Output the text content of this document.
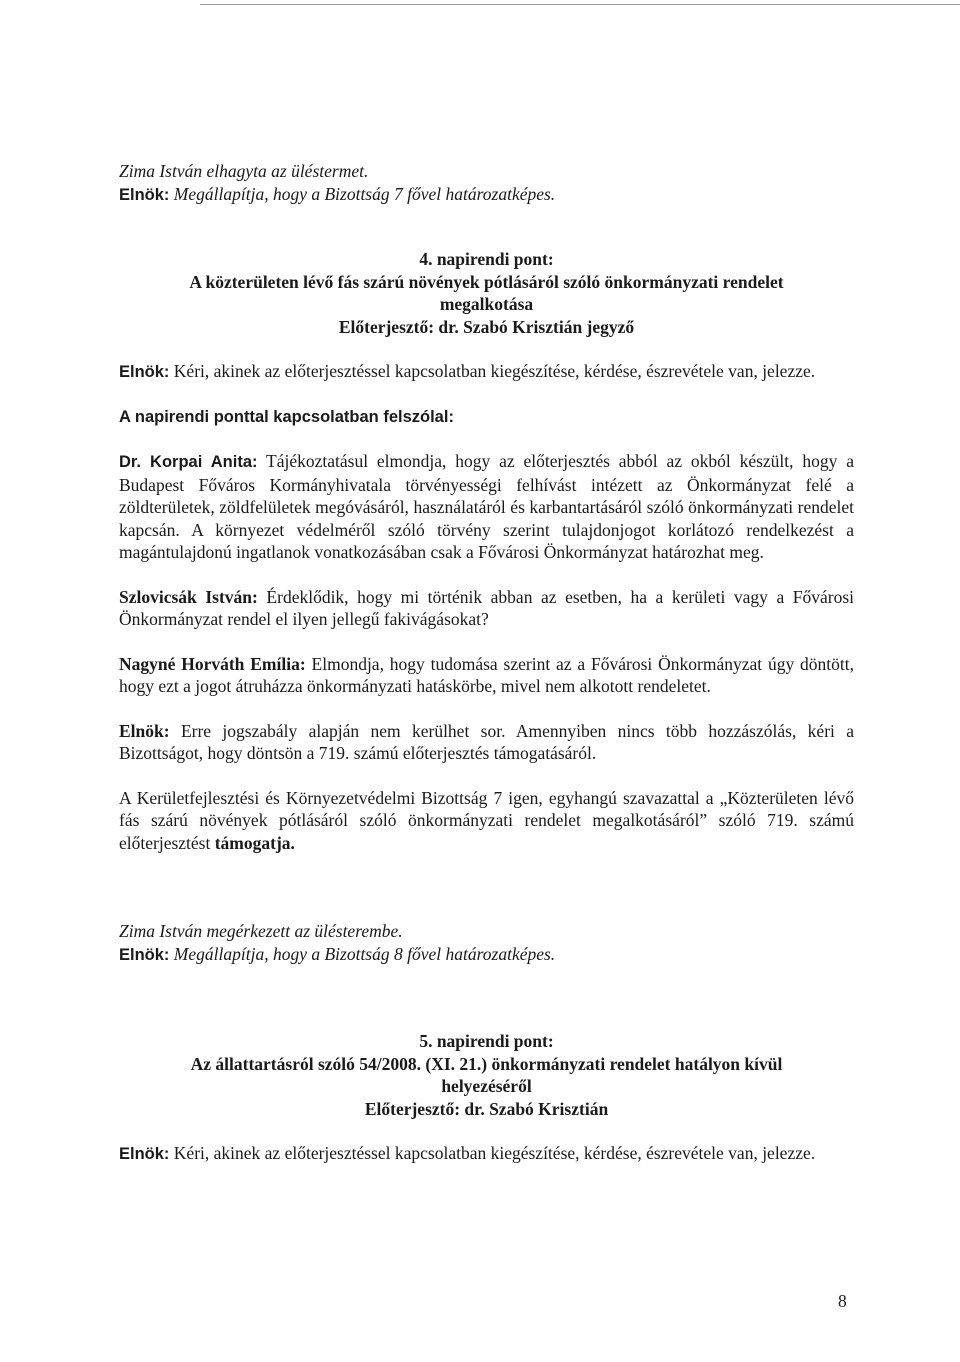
Zima István elhagyta az üléstermet.

Elnök: Megállapítja, hogy a Bizottság 7 fővel határozatképes.

4. napirendi pont:

A közterületen lévő fás szárú növények pótlásáról szóló önkormányzati rendelet
megalkotása

Előterjesztő: dr. Szabó Krisztián jegyző

Elnök: Kéri, akinek az előterjesztéssel kapcsolatban kiegészítése, kérdése, észrevétele van, jelezze.

A napirendi ponttal kapcsolatban felszólal:

Dr. Korpai Anita: Tájékoztatásul elmondja, hogy az előterjesztés abból az okból készült, hogy a Budapest Főváros Kormányhivatala törvényességi felhívást intézett az Önkormányzat felé a zöldterületek, zöldfelületek megóvásáról, használatáról és karbantartásáról szóló önkormányzati rendelet kapcsán. A környezet védelméről szóló törvény szerint tulajdonjogot korlátozó rendelkezést a magántulajdonú ingatlanok vonatkozásában csak a Fővárosi Önkormányzat határozhat meg.

Szlovicsák István: Érdeklődik, hogy mi történik abban az esetben, ha a kerületi vagy a Fővárosi Önkormányzat rendel el ilyen jellegű fakivágásokat?

Nagyné Horváth Emília: Elmondja, hogy tudomása szerint az a Fővárosi Önkormányzat úgy döntött, hogy ezt a jogot átruházza önkormányzati hatáskörbe, mivel nem alkotott rendeletet.

Elnök: Erre jogszabály alapján nem kerülhet sor. Amennyiben nincs több hozzászólás, kéri a Bizottságot, hogy döntsön a 719. számú előterjesztés támogatásáról.

A Kerületfejlesztési és Környezetvédelmi Bizottság 7 igen, egyhangú szavazattal a „Közterületen lévő fás szárú növények pótlásáról szóló önkormányzati rendelet megalkotásáról” szóló 719. számú előterjesztést támogatja.

Zima István megérkezett az ülésterembe.

Elnök: Megállapítja, hogy a Bizottság 8 fővel határozatképes.

5. napirendi pont:

Az állattartásról szóló 54/2008. (XI. 21.) önkormányzati rendelet hatályon kívül
helyezéséről

Előterjesztő: dr. Szabó Krisztián

Elnök: Kéri, akinek az előterjesztéssel kapcsolatban kiegészítése, kérdése, észrevétele van, jelezze.

8
